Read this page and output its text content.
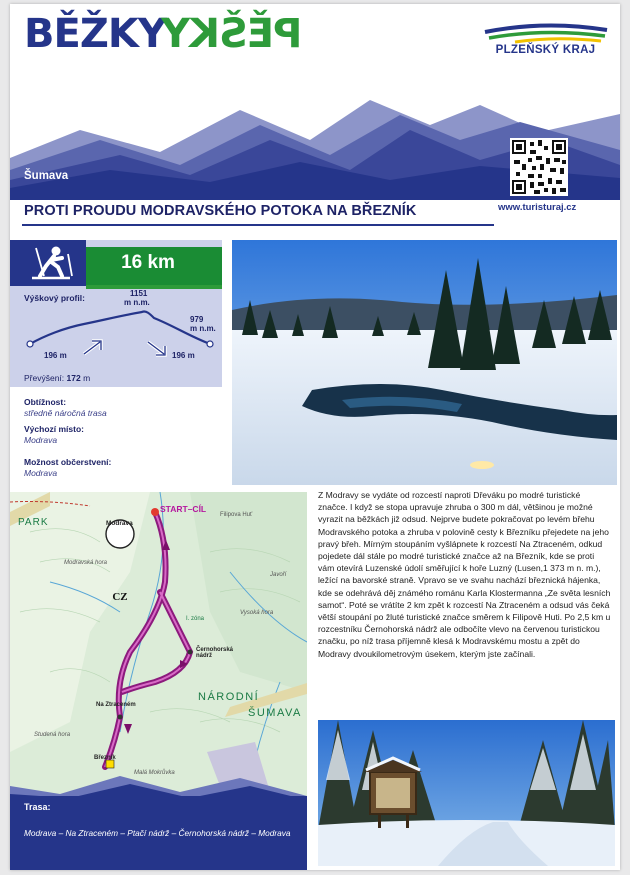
BĚŽKYPĚŠKY	PLZEŇSKÝ KRAJ
Šumava
www.turisturaj.cz
PROTI PROUDU MODRAVSKÉHO POTOKA NA BŘEZNÍK
16 km
Výškový profil:	1151
m n.m.
979
m n.m.
196 m	196 m
Převýšení: 172 m
Obtížnost:
středně náročná trasa
Výchozí místo:
Modrava
Možnost občerstvení:
Modrava
START–CÍL
CZ
PARK
NÁRODNÍ
ŠUMAVA
Modrava
Na Ztraceném
Černohorská nádrž
Březník
Malá Mokrůvka
Studená hora
Filipova Huť
Modravská hora
Vysoká hora
I. zóna
Javoří
Trasa:
Modrava – Na Ztraceném – Ptačí nádrž – Černohorská nádrž – Modrava
Z Modravy se vydáte od rozcestí naproti Dřeváku po modré turistické značce. I když se stopa upravuje zhruba o 300 m dál, většinou je možné vyrazit na běžkách již odsud. Nejprve budete pokračovat po levém břehu Modravského potoka a zhruba v polovině cesty k Březníku přejedete na jeho pravý břeh. Mírným stoupáním vyšlápnete k rozcestí Na Ztraceném, odkud pojedete dál stále po modré turistické značce až na Březník, kde se proti vám otevírá Luzenské údolí směřující k hoře Luzný (Lusen,1 373 m n. m.), ležící na bavorské straně. Vpravo se ve svahu nachází březnická hájenka, kde se odehrává děj známého románu Karla Klostermanna „Ze světa lesních samot“. Poté se vrátíte 2 km zpět k rozcestí Na Ztraceném a odsud vás čeká větší stoupání po žluté turistické značce směrem k Filipově Huti. Po 2,5 km u rozcestníku Černohorská nádrž ale odbočíte vlevo na červenou turistickou značku, po níž trasa příjemně klesá k Modravskému mostu a zpět do Modravy dvoukilometrovým úsekem, kterým jste začínali.
